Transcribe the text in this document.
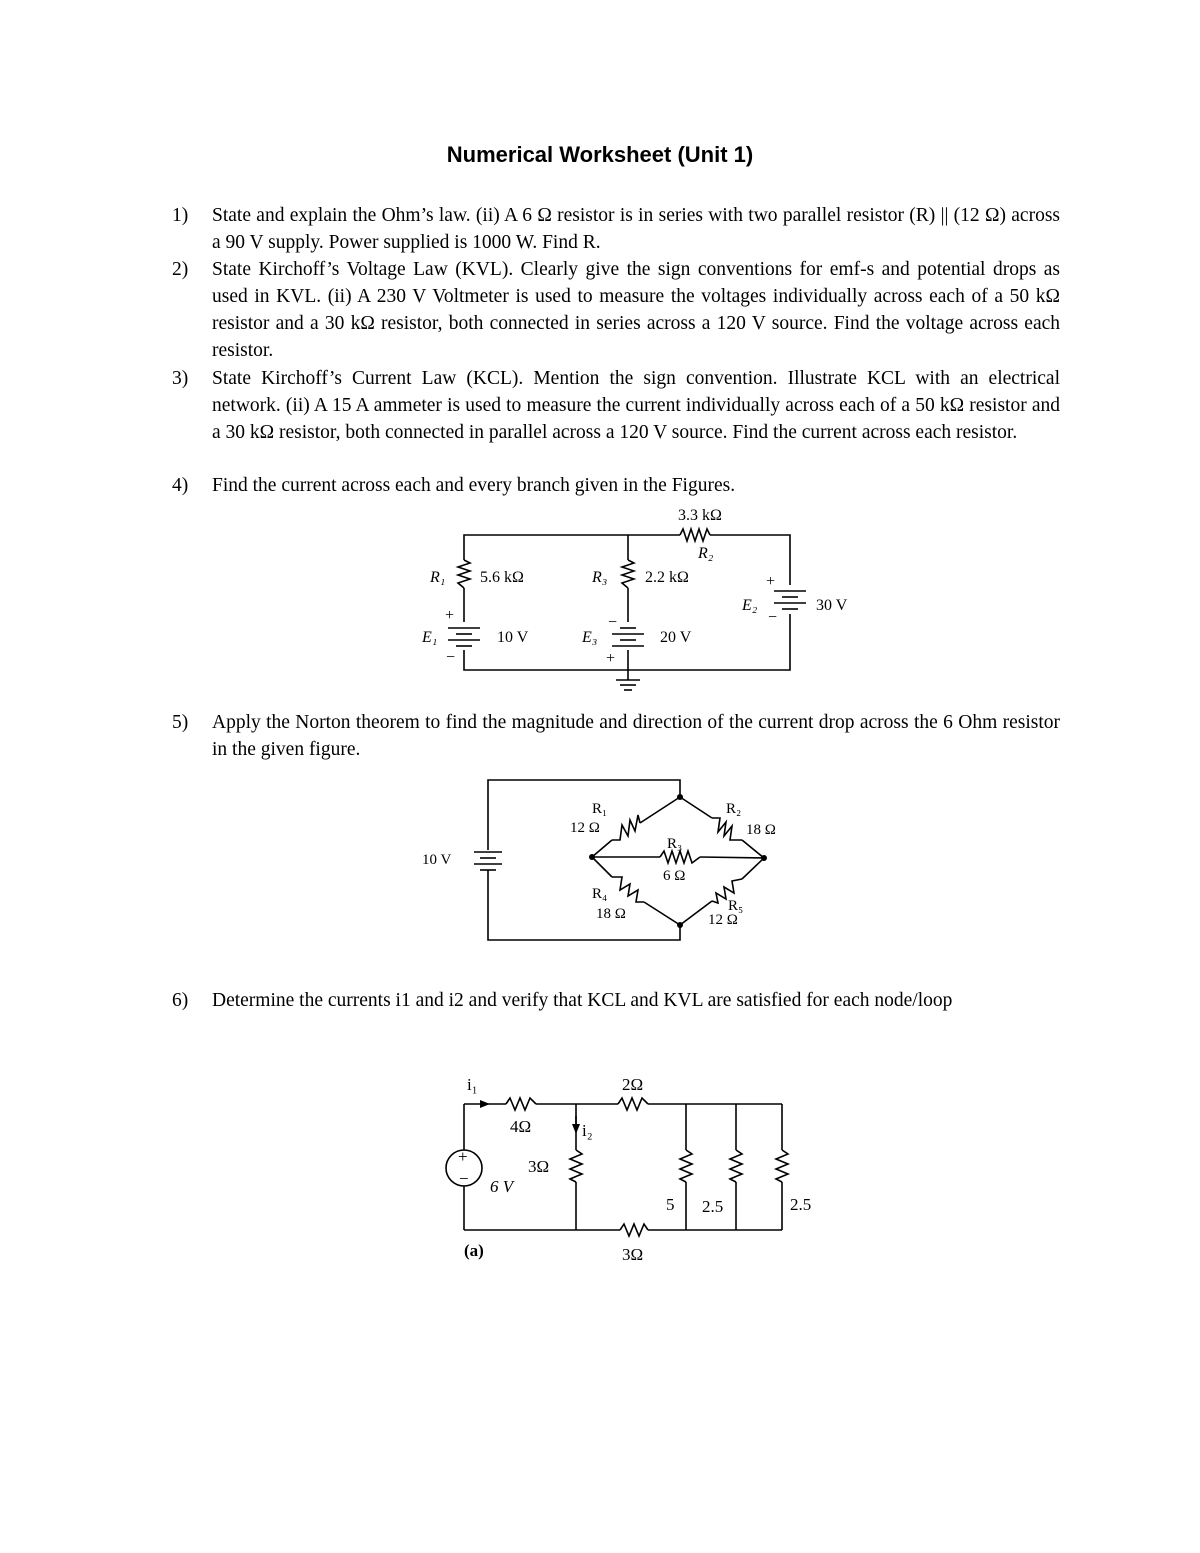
Numerical Worksheet (Unit 1)
1) State and explain the Ohm’s law. (ii) A 6 Ω resistor is in series with two parallel resistor (R) || (12 Ω) across a 90 V supply. Power supplied is 1000 W. Find R.
2) State Kirchoff’s Voltage Law (KVL). Clearly give the sign conventions for emf-s and potential drops as used in KVL. (ii) A 230 V Voltmeter is used to measure the voltages individually across each of a 50 kΩ resistor and a 30 kΩ resistor, both connected in series across a 120 V source. Find the voltage across each resistor.
3) State Kirchoff’s Current Law (KCL). Mention the sign convention. Illustrate KCL with an electrical network. (ii) A 15 A ammeter is used to measure the current individually across each of a 50 kΩ resistor and a 30 kΩ resistor, both connected in parallel across a 120 V source. Find the current across each resistor.
4) Find the current across each and every branch given in the Figures.
R₁ 5.6 kΩ	R₃ 2.2 kΩ
3.3 kΩ
R₂
E₁	10 V	E₃	20 V
E₂	30 V
+
−
−
+
+
−
5) Apply the Norton theorem to find the magnitude and direction of the current drop across the 6 Ohm resistor in the given figure.
10 V
R₁
12 Ω
R₂
18 Ω
R₃
6 Ω
R₄
18 Ω	R₅
12 Ω
6) Determine the currents i1 and i2 and verify that KCL and KVL are satisfied for each node/loop
+
−
i₁
i₂
4Ω
2Ω
3Ω
6 V
5 2.5	2.5
3Ω
(a)
